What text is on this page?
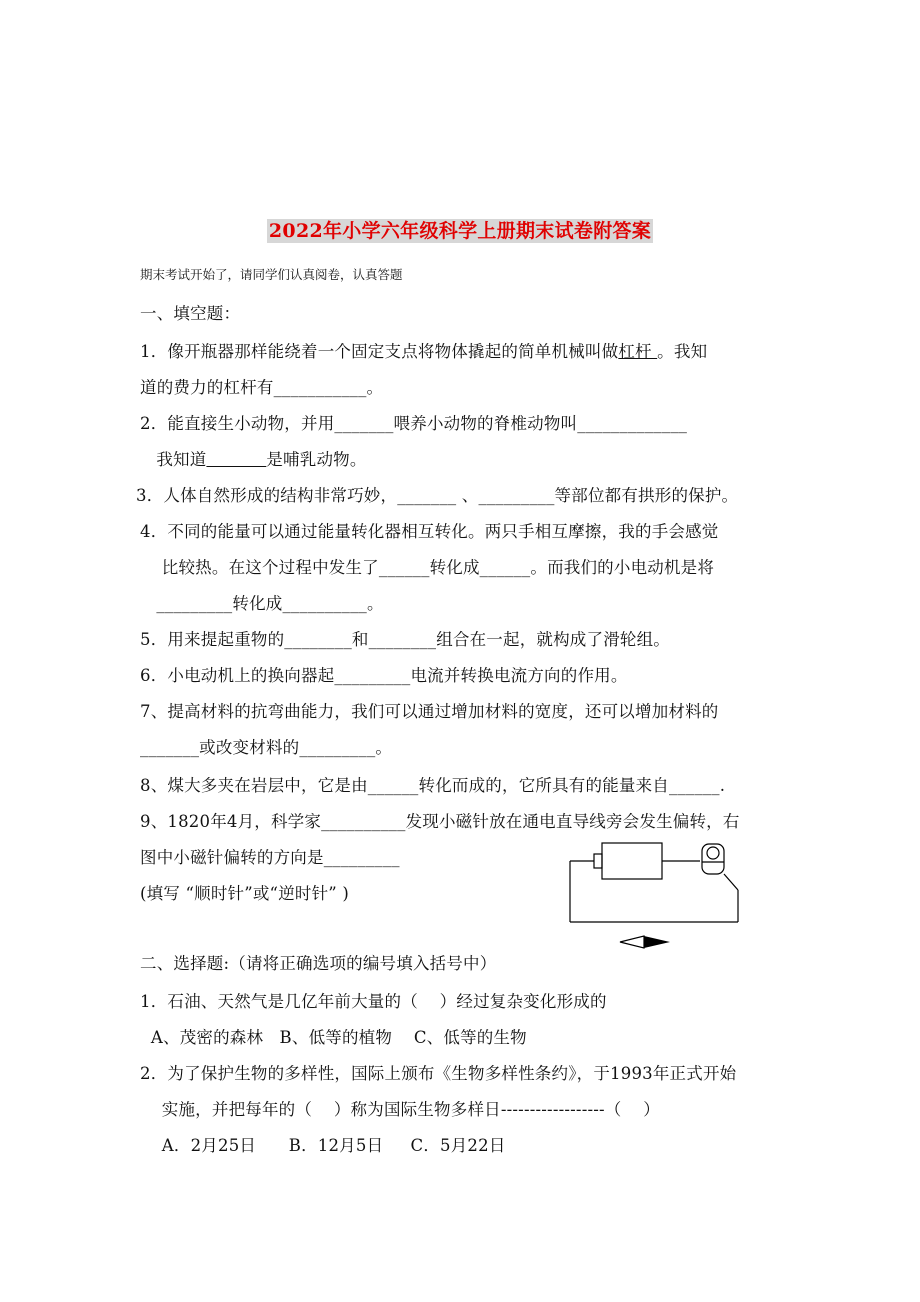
2022年小学六年级科学上册期末试卷附答案
期末考试开始了，请同学们认真阅卷，认真答题
一、填空题：
1．像开瓶器那样能绕着一个固定支点将物体撬起的简单机械叫做杠杆 。我知
道的费力的杠杆有___________。
2．能直接生小动物，并用_______喂养小动物的脊椎动物叫_____________
我知道	是哺乳动物。
3．人体自然形成的结构非常巧妙，_______ 、_________等部位都有拱形的保护。
4．不同的能量可以通过能量转化器相互转化。两只手相互摩擦，我的手会感觉
比较热。在这个过程中发生了______转化成______。而我们的小电动机是将
_________转化成__________。
5．用来提起重物的________和________组合在一起，就构成了滑轮组。
6．小电动机上的换向器起_________电流并转换电流方向的作用。
7、提高材料的抗弯曲能力，我们可以通过增加材料的宽度，还可以增加材料的
_______或改变材料的_________。
8、煤大多夹在岩层中，它是由______转化而成的，它所具有的能量来自______.
9、1820年4月，科学家__________发现小磁针放在通电直导线旁会发生偏转，右
图中小磁针偏转的方向是_________
(填写 “顺时针”或“逆时针” )
二、选择题:（请将正确选项的编号填入括号中）
1．石油、天然气是几亿年前大量的（    ）经过复杂变化形成的
A、茂密的森林   B、低等的植物    C、低等的生物
2．为了保护生物的多样性，国际上颁布《生物多样性条约》，于1993年正式开始
实施，并把每年的（    ）称为国际生物多样日------------------（    ）
A．2月25日      B．12月5日     C．5月22日
